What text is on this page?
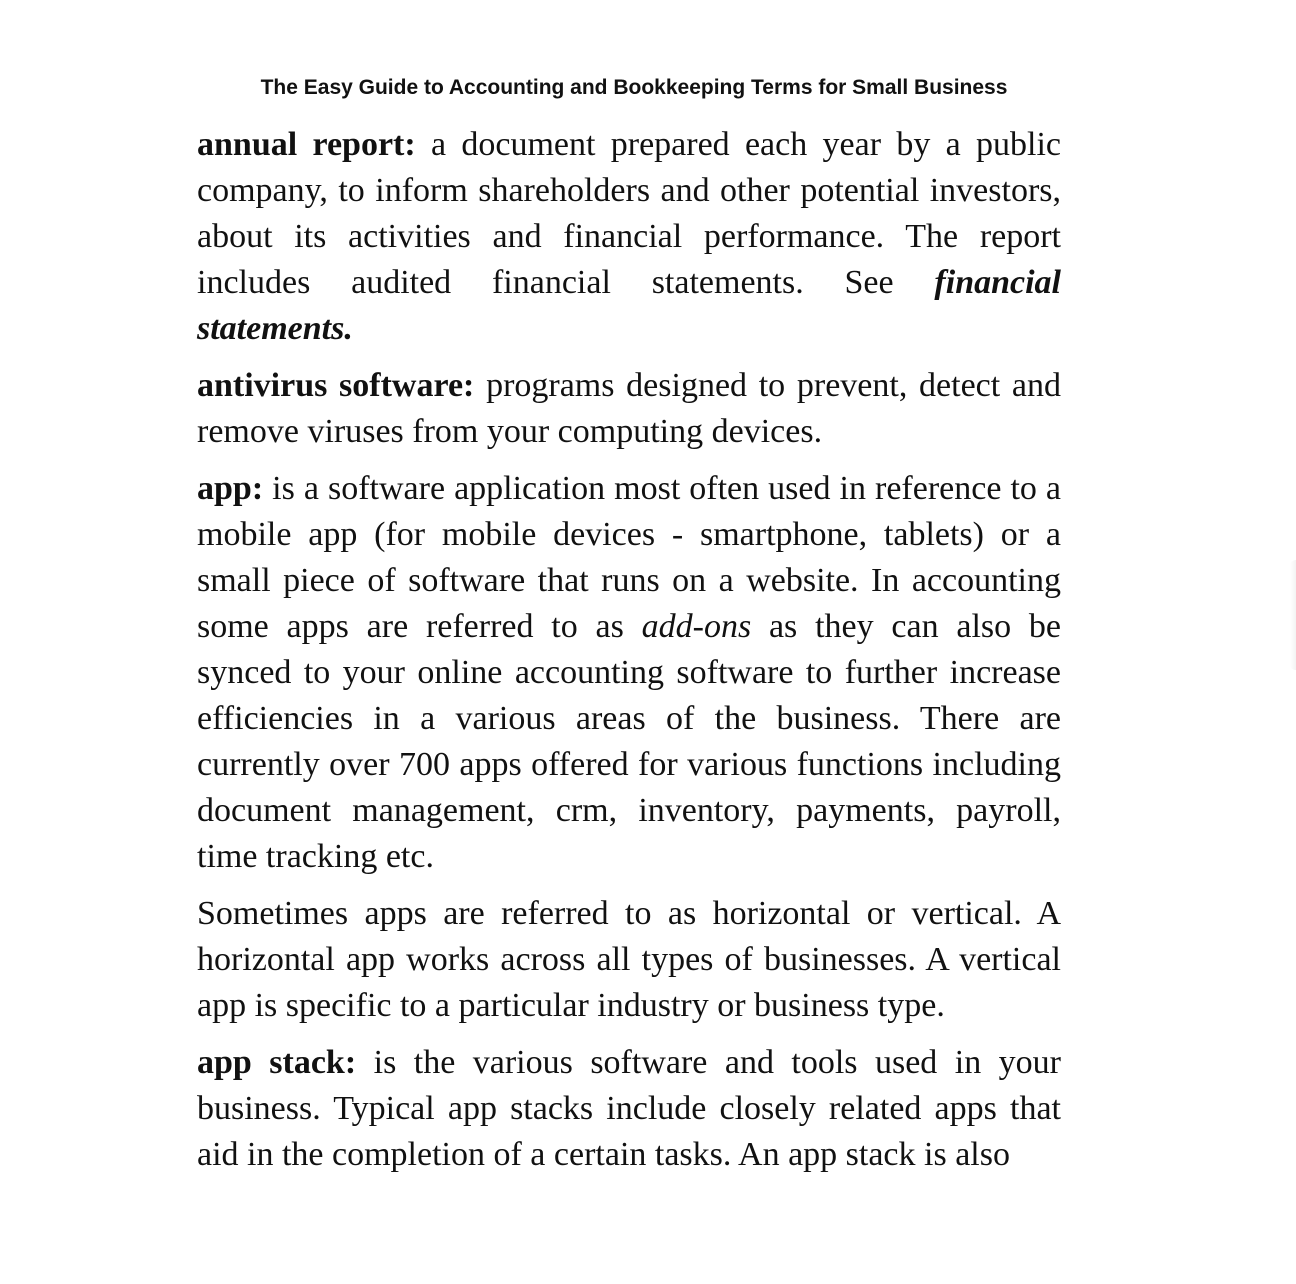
The Easy Guide to Accounting and Bookkeeping Terms for Small Business

annual report: a document prepared each year by a public company, to inform shareholders and other potential investors, about its activities and financial performance. The report includes audited financial statements. See financial statements.

antivirus software: programs designed to prevent, detect and remove viruses from your computing devices.

app: is a software application most often used in reference to a mobile app (for mobile devices - smartphone, tablets) or a small piece of software that runs on a website. In accounting some apps are referred to as add-ons as they can also be synced to your online accounting software to further increase efficiencies in a various areas of the business. There are currently over 700 apps offered for various functions including document management, crm, inventory, payments, payroll, time tracking etc.

Sometimes apps are referred to as horizontal or vertical. A horizontal app works across all types of businesses. A vertical app is specific to a particular industry or business type.

app stack: is the various software and tools used in your business. Typical app stacks include closely related apps that aid in the completion of a certain tasks. An app stack is also
